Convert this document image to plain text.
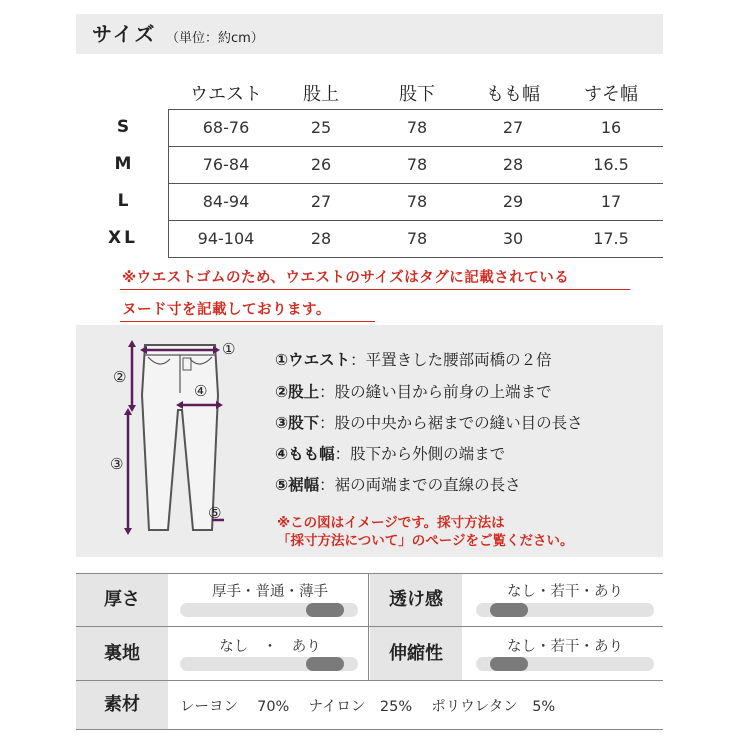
サイズ （単位：約cm）
ウエスト	股上	股下	もも幅	すそ幅
S	68-76	25	78	27	16
M	76-84	26	78	28	16.5
L	84-94	27	78	29	17
XL	94-104	28	78	30	17.5
※ウエストゴムのため、ウエストのサイズはタグに記載されている
ヌード寸を記載しております。
①
②
④
③
⑤
①ウエスト：平置きした腰部両橋の２倍
②股上：股の縫い目から前身の上端まで
③股下：股の中央から裾までの縫い目の長さ
④もも幅：股下から外側の端まで
⑤裾幅：裾の両端までの直線の長さ
※この図はイメージです。採寸方法は
「採寸方法について」のページをご覧ください。
厚さ	厚手・普通・薄手	透け感	なし・若干・あり
裏地	なし　・　あり	伸縮性	なし・若干・あり
素材	レーヨン　 70%　 ナイロン　25%　 ポリウレタン　5%
